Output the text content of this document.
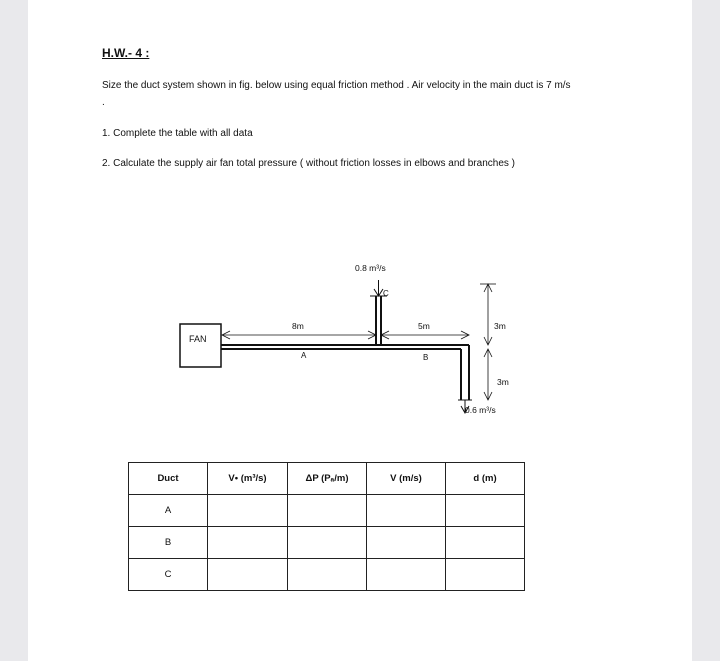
H.W.- 4 :
Size the duct system shown in fig. below using equal friction method . Air velocity in the main duct is 7 m/s .
1. Complete the table with all data
2. Calculate the supply air fan total pressure ( without friction losses in elbows and branches )
FAN
C
0.8 m³/s
0.6 m³/s
8m
A
5m
B
3m
3m
Duct	V• (m³/s)	ΔP (Pₐ/m)	V (m/s)	d (m)
A				
B				
C				
